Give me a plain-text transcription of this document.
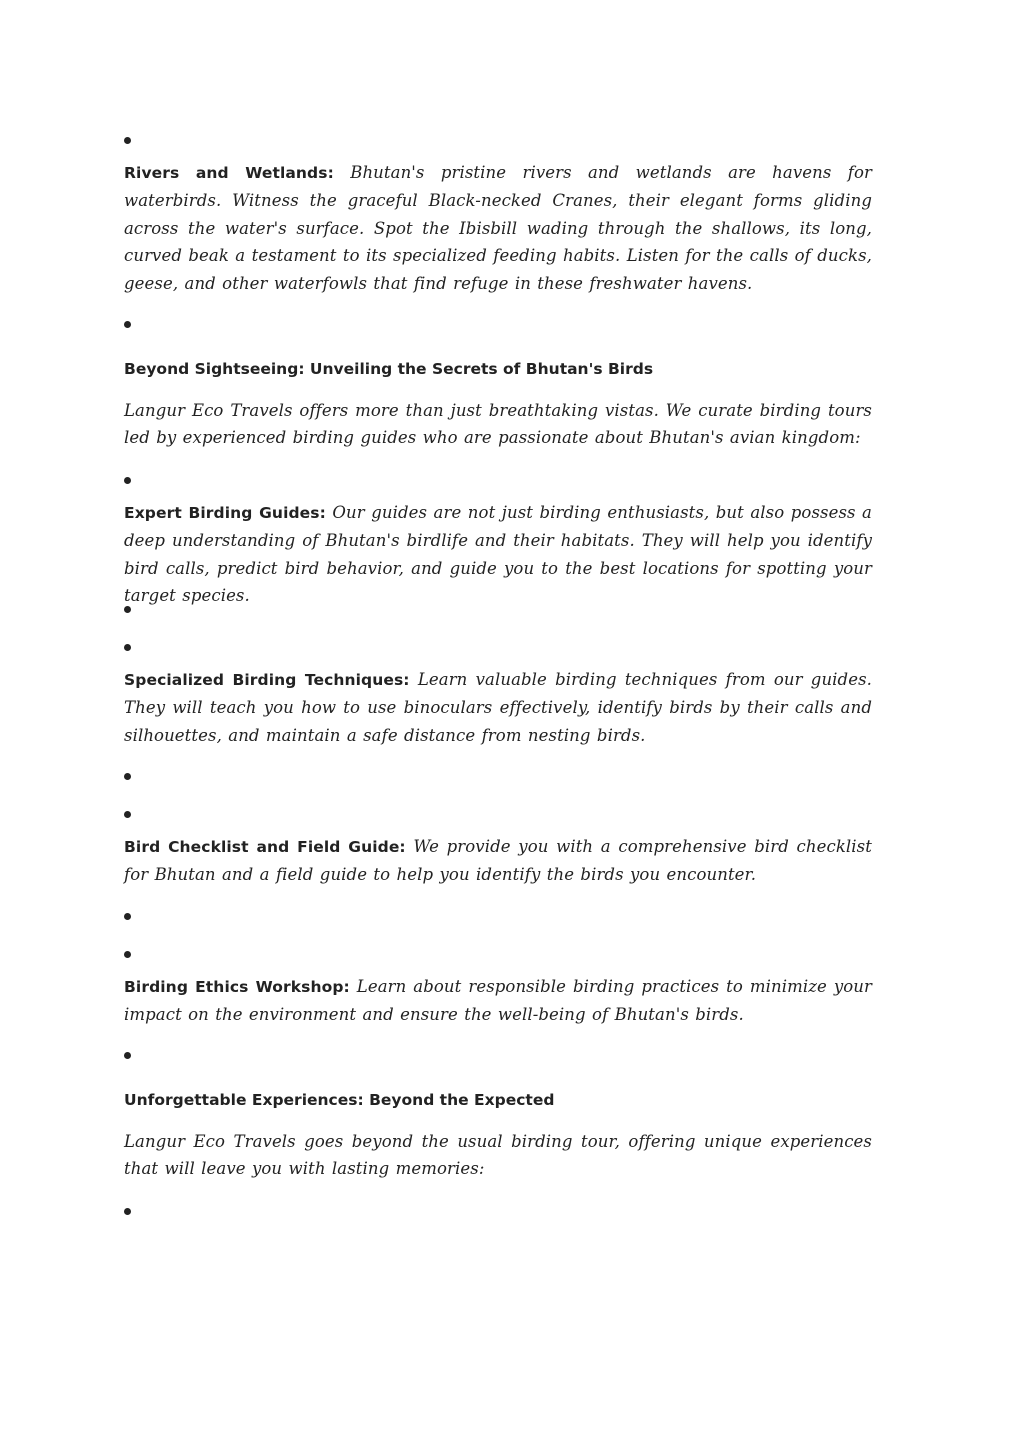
Rivers and Wetlands: Bhutan's pristine rivers and wetlands are havens for waterbirds. Witness the graceful Black-necked Cranes, their elegant forms gliding across the water's surface. Spot the Ibisbill wading through the shallows, its long, curved beak a testament to its specialized feeding habits. Listen for the calls of ducks, geese, and other waterfowls that find refuge in these freshwater havens.

Beyond Sightseeing: Unveiling the Secrets of Bhutan's Birds

Langur Eco Travels offers more than just breathtaking vistas. We curate birding tours led by experienced birding guides who are passionate about Bhutan's avian kingdom:

Expert Birding Guides: Our guides are not just birding enthusiasts, but also possess a deep understanding of Bhutan's birdlife and their habitats. They will help you identify bird calls, predict bird behavior, and guide you to the best locations for spotting your target species.

Specialized Birding Techniques: Learn valuable birding techniques from our guides. They will teach you how to use binoculars effectively, identify birds by their calls and silhouettes, and maintain a safe distance from nesting birds.

Bird Checklist and Field Guide: We provide you with a comprehensive bird checklist for Bhutan and a field guide to help you identify the birds you encounter.

Birding Ethics Workshop: Learn about responsible birding practices to minimize your impact on the environment and ensure the well-being of Bhutan's birds.

Unforgettable Experiences: Beyond the Expected

Langur Eco Travels goes beyond the usual birding tour, offering unique experiences that will leave you with lasting memories:
